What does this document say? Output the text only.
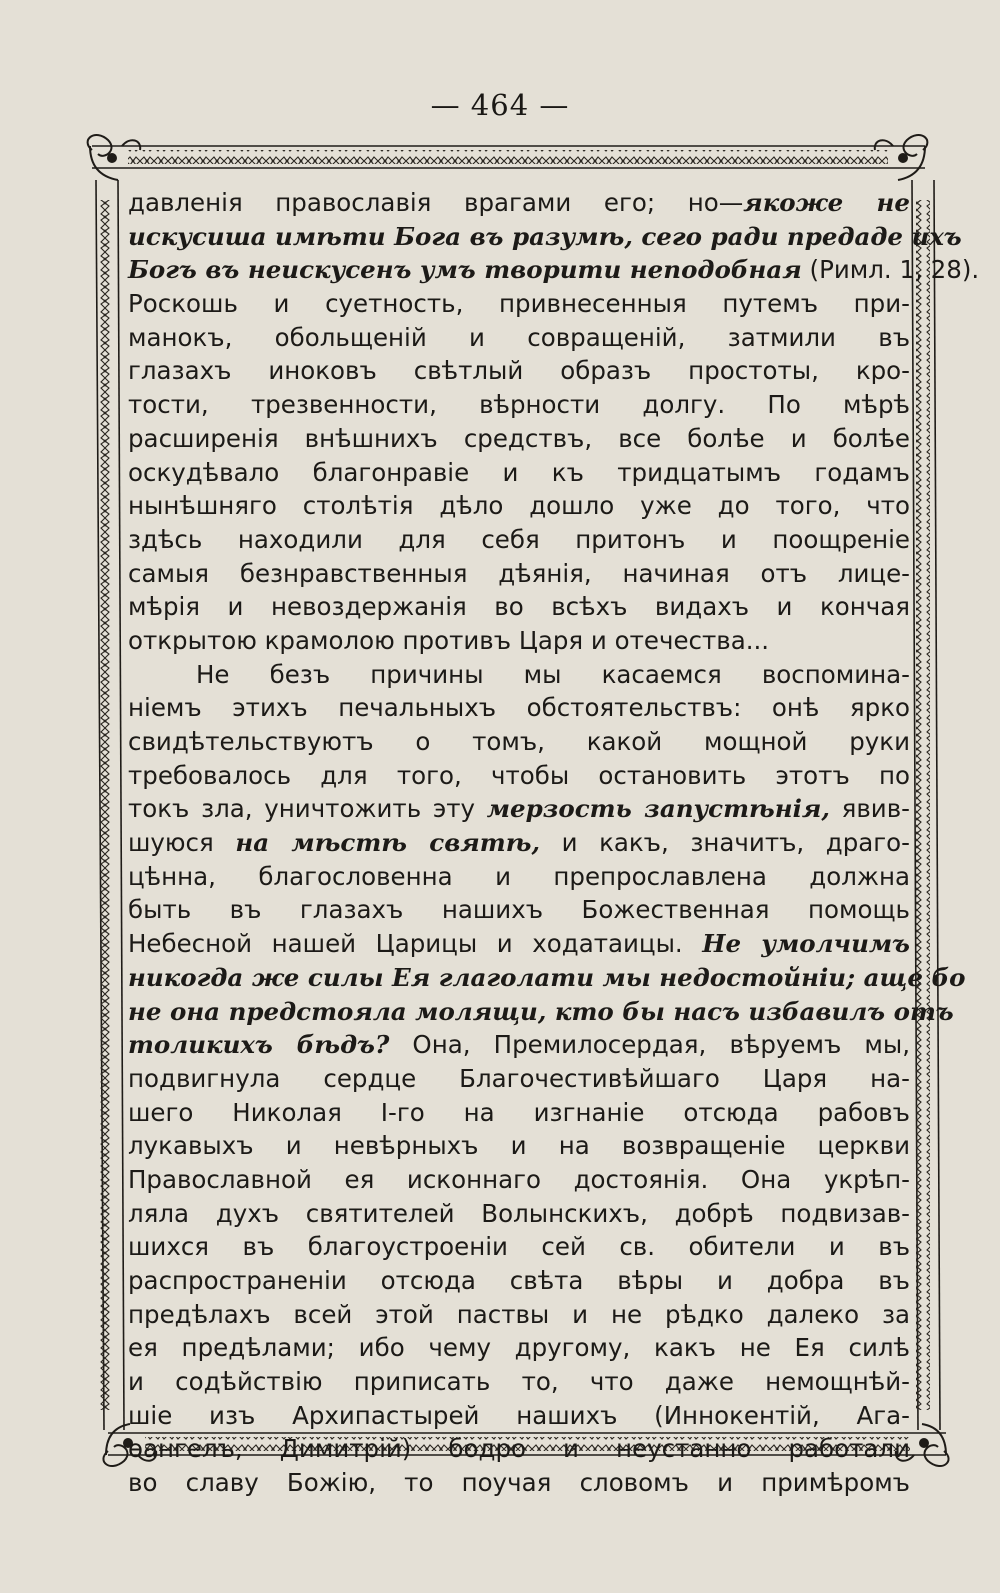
— 464 —
давленія православія врагами его; но—якоже не
искусиша имѣти Бога въ разумѣ, сего ради предаде ихъ
Богъ въ неискусенъ умъ творити неподобная (Римл. 1, 28).
Роскошь и суетность, привнесенныя путемъ при-
манокъ, обольщеній и совращеній, затмили въ
глазахъ иноковъ свѣтлый образъ простоты, кро-
тости, трезвенности, вѣрности долгу. По мѣрѣ
расширенія внѣшнихъ средствъ, все болѣе и болѣе
оскудѣвало благонравіе и къ тридцатымъ годамъ
нынѣшняго столѣтія дѣло дошло уже до того, что
здѣсь находили для себя притонъ и поощреніе
самыя безнравственныя дѣянія, начиная отъ лице-
мѣрія и невоздержанія во всѣхъ видахъ и кончая
открытою крамолою противъ Царя и отечества...
Не безъ причины мы касаемся воспомина-
ніемъ этихъ печальныхъ обстоятельствъ: онѣ ярко
свидѣтельствуютъ о томъ, какой мощной руки
требовалось для того, чтобы остановить этотъ по
токъ зла, уничтожить эту мерзость запустѣнія, явив-
шуюся на мѣстѣ святѣ, и какъ, значитъ, драго-
цѣнна, благословенна и препрославлена должна
быть въ глазахъ нашихъ Божественная помощь
Небесной нашей Царицы и ходатаицы. Не умолчимъ
никогда же силы Ея глаголати мы недостойніи; аще бо
не она предстояла молящи, кто бы насъ избавилъ отъ
толикихъ бѣдъ? Она, Премилосердая, вѣруемъ мы,
подвигнула сердце Благочестивѣйшаго Царя на-
шего Николая I-го на изгнаніе отсюда рабовъ
лукавыхъ и невѣрныхъ и на возвращеніе церкви
Православной ея исконнаго достоянія. Она укрѣп-
ляла духъ святителей Волынскихъ, добрѣ подвизав-
шихся въ благоустроеніи сей св. обители и въ
распространеніи отсюда свѣта вѣры и добра въ
предѣлахъ всей этой паствы и не рѣдко далеко за
ея предѣлами; ибо чему другому, какъ не Ея силѣ
и содѣйствію приписать то, что даже немощнѣй-
шіе изъ Архипастырей нашихъ (Иннокентій, Ага-
ѳангелъ, Димитрій) бодро и неустанно работали
во славу Божію, то поучая словомъ и примѣромъ
